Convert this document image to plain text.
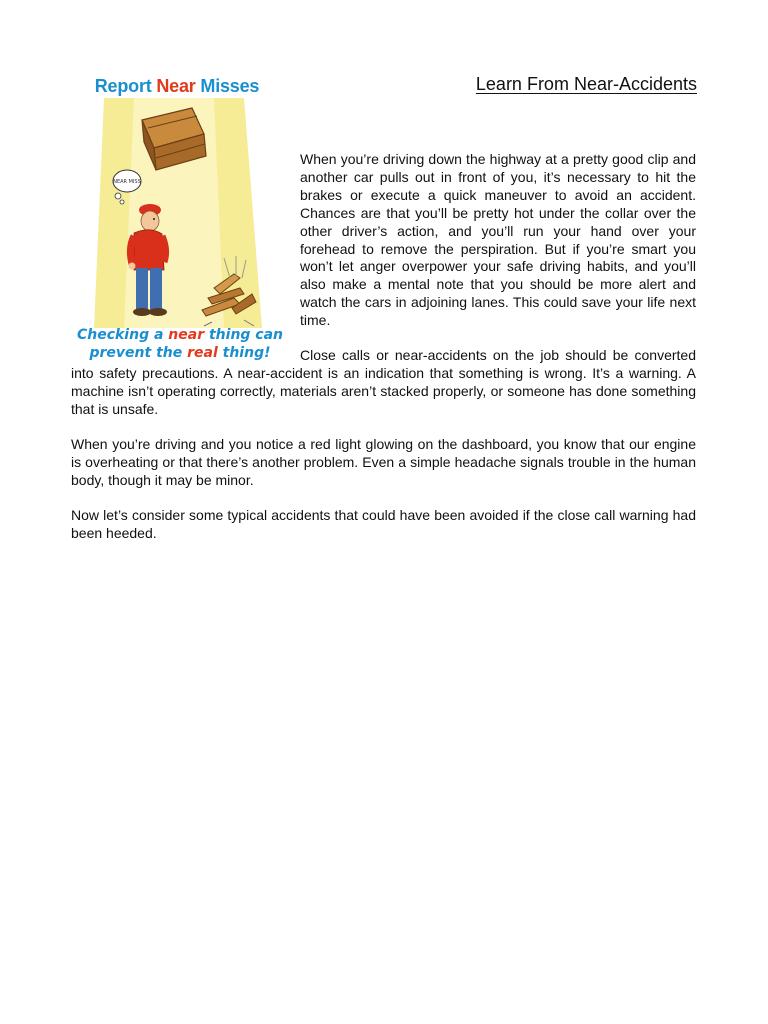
Learn From Near-Accidents
Report Near Misses
NEAR MISS
Checking a near thing can
prevent the real thing!

When you’re driving down the highway at a pretty good clip and another car pulls out in front of you, it’s necessary to hit the brakes or execute a quick maneuver to avoid an accident. Chances are that you’ll be pretty hot under the collar over the other driver’s action, and you’ll run your hand over your forehead to remove the perspiration. But if you’re smart you won’t let anger overpower your safe driving habits, and you’ll also make a mental note that you should be more alert and watch the cars in adjoining lanes. This could save your life next time.

Close calls or near-accidents on the job should be converted into safety precautions. A near-accident is an indication that something is wrong. It’s a warning. A machine isn’t operating correctly, materials aren’t stacked properly, or someone has done something that is unsafe.

When you’re driving and you notice a red light glowing on the dashboard, you know that our engine is overheating or that there’s another problem. Even a simple headache signals trouble in the human body, though it may be minor.

Now let’s consider some typical accidents that could have been avoided if the close call warning had been heeded.
